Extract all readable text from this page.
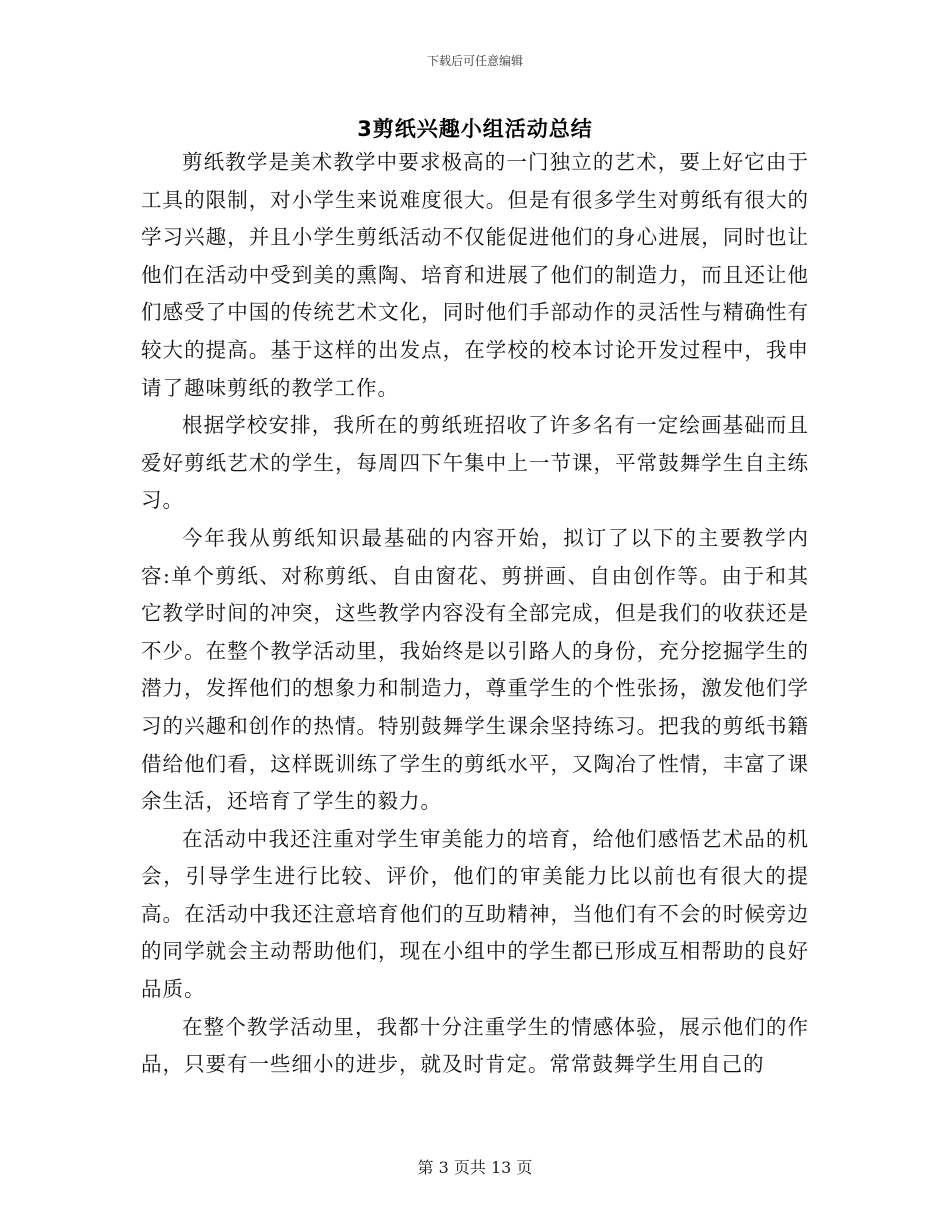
下载后可任意编辑
3剪纸兴趣小组活动总结

剪纸教学是美术教学中要求极高的一门独立的艺术，要上好它由于工具的限制，对小学生来说难度很大。但是有很多学生对剪纸有很大的学习兴趣，并且小学生剪纸活动不仅能促进他们的身心进展，同时也让他们在活动中受到美的熏陶、培育和进展了他们的制造力，而且还让他们感受了中国的传统艺术文化，同时他们手部动作的灵活性与精确性有较大的提高。基于这样的出发点，在学校的校本讨论开发过程中，我申请了趣味剪纸的教学工作。

根据学校安排，我所在的剪纸班招收了许多名有一定绘画基础而且爱好剪纸艺术的学生，每周四下午集中上一节课，平常鼓舞学生自主练习。

今年我从剪纸知识最基础的内容开始，拟订了以下的主要教学内容:单个剪纸、对称剪纸、自由窗花、剪拼画、自由创作等。由于和其它教学时间的冲突，这些教学内容没有全部完成，但是我们的收获还是不少。在整个教学活动里，我始终是以引路人的身份，充分挖掘学生的潜力，发挥他们的想象力和制造力，尊重学生的个性张扬，激发他们学习的兴趣和创作的热情。特别鼓舞学生课余坚持练习。把我的剪纸书籍借给他们看，这样既训练了学生的剪纸水平，又陶冶了性情，丰富了课余生活，还培育了学生的毅力。

在活动中我还注重对学生审美能力的培育，给他们感悟艺术品的机会，引导学生进行比较、评价，他们的审美能力比以前也有很大的提高。在活动中我还注意培育他们的互助精神，当他们有不会的时候旁边的同学就会主动帮助他们，现在小组中的学生都已形成互相帮助的良好品质。

在整个教学活动里，我都十分注重学生的情感体验，展示他们的作品，只要有一些细小的进步，就及时肯定。常常鼓舞学生用自己的

第 3 页共 13 页
